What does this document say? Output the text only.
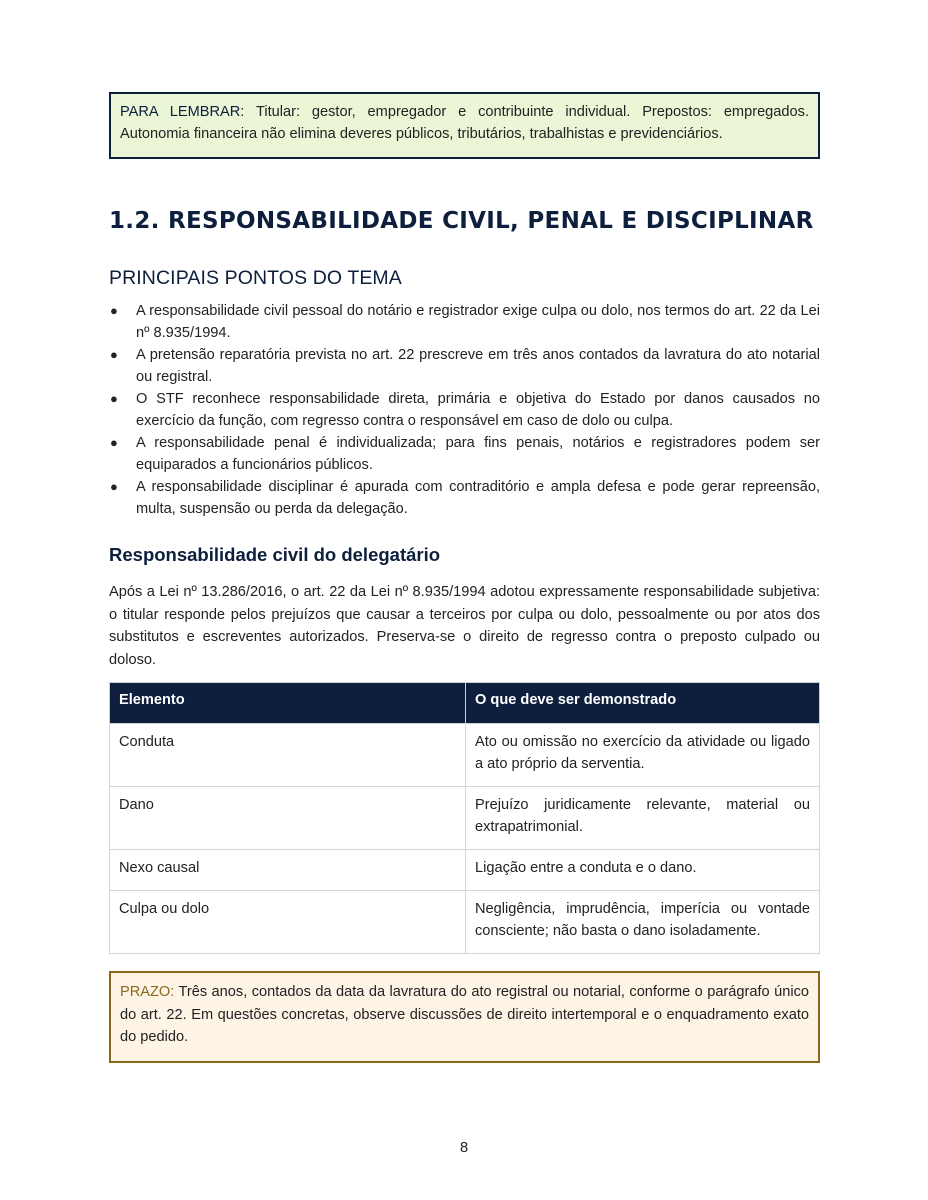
PARA LEMBRAR: Titular: gestor, empregador e contribuinte individual. Prepostos: empregados. Autonomia financeira não elimina deveres públicos, tributários, trabalhistas e previdenciários.
1.2. RESPONSABILIDADE CIVIL, PENAL E DISCIPLINAR
PRINCIPAIS PONTOS DO TEMA
● A responsabilidade civil pessoal do notário e registrador exige culpa ou dolo, nos termos do art. 22 da Lei nº 8.935/1994.
● A pretensão reparatória prevista no art. 22 prescreve em três anos contados da lavratura do ato notarial ou registral.
● O STF reconhece responsabilidade direta, primária e objetiva do Estado por danos causados no exercício da função, com regresso contra o responsável em caso de dolo ou culpa.
● A responsabilidade penal é individualizada; para fins penais, notários e registradores podem ser equiparados a funcionários públicos.
● A responsabilidade disciplinar é apurada com contraditório e ampla defesa e pode gerar repreensão, multa, suspensão ou perda da delegação.
Responsabilidade civil do delegatário

Após a Lei nº 13.286/2016, o art. 22 da Lei nº 8.935/1994 adotou expressamente responsabilidade subjetiva: o titular responde pelos prejuízos que causar a terceiros por culpa ou dolo, pessoalmente ou por atos dos substitutos e escreventes autorizados. Preserva-se o direito de regresso contra o preposto culpado ou doloso.

Elemento	O que deve ser demonstrado
Conduta	Ato ou omissão no exercício da atividade ou ligado a ato próprio da serventia.
Dano	Prejuízo juridicamente relevante, material ou extrapatrimonial.
Nexo causal	Ligação entre a conduta e o dano.
Culpa ou dolo	Negligência, imprudência, imperícia ou vontade consciente; não basta o dano isoladamente.
PRAZO: Três anos, contados da data da lavratura do ato registral ou notarial, conforme o parágrafo único do art. 22. Em questões concretas, observe discussões de direito intertemporal e o enquadramento exato do pedido.
8
